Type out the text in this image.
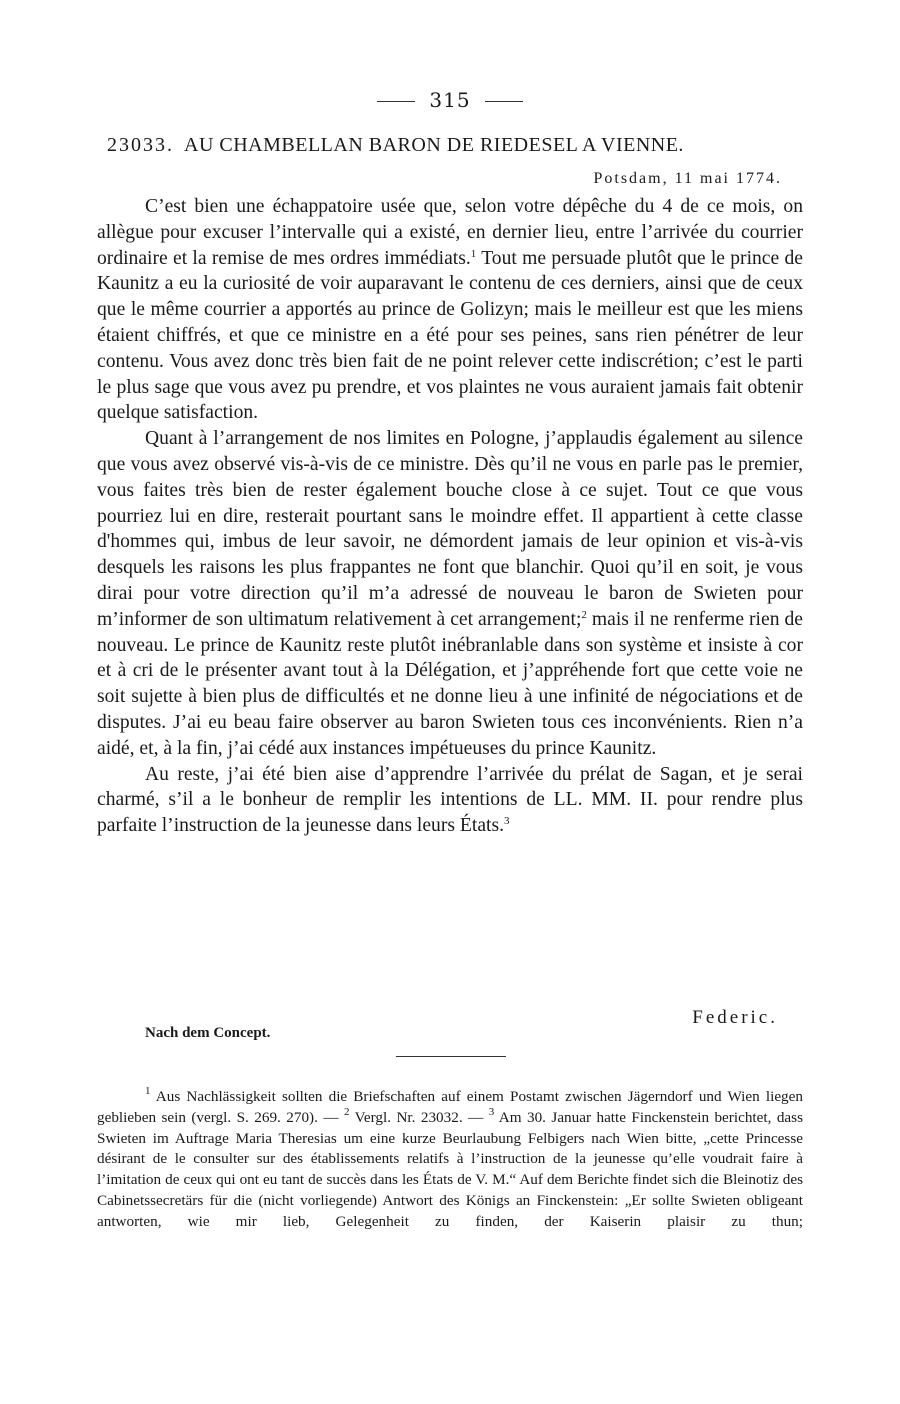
315
23033. AU CHAMBELLAN BARON DE RIEDESEL A VIENNE.
Potsdam, 11 mai 1774.

C’est bien une échappatoire usée que, selon votre dépêche du 4 de ce mois, on allègue pour excuser l’intervalle qui a existé, en dernier lieu, entre l’arrivée du courrier ordinaire et la remise de mes ordres immédiats.$^1$ Tout me persuade plutôt que le prince de Kaunitz a eu la curiosité de voir auparavant le contenu de ces derniers, ainsi que de ceux que le même courrier a apportés au prince de Golizyn; mais le meilleur est que les miens étaient chiffrés, et que ce ministre en a été pour ses peines, sans rien pénétrer de leur contenu. Vous avez donc très bien fait de ne point relever cette indiscrétion; c’est le parti le plus sage que vous avez pu prendre, et vos plaintes ne vous auraient jamais fait obtenir quelque satisfaction.

Quant à l’arrangement de nos limites en Pologne, j’applaudis également au silence que vous avez observé vis-à-vis de ce ministre. Dès qu’il ne vous en parle pas le premier, vous faites très bien de rester également bouche close à ce sujet. Tout ce que vous pourriez lui en dire, resterait pourtant sans le moindre effet. Il appartient à cette classe d'hommes qui, imbus de leur savoir, ne démordent jamais de leur opinion et vis-à-vis desquels les raisons les plus frappantes ne font que blanchir. Quoi qu’il en soit, je vous dirai pour votre direction qu’il m’a adressé de nouveau le baron de Swieten pour m’informer de son ultimatum relativement à cet arrangement;$^2$ mais il ne renferme rien de nouveau. Le prince de Kaunitz reste plutôt inébranlable dans son système et insiste à cor et à cri de le présenter avant tout à la Délégation, et j’appréhende fort que cette voie ne soit sujette à bien plus de difficultés et ne donne lieu à une infinité de négociations et de disputes. J’ai eu beau faire observer au baron Swieten tous ces inconvénients. Rien n’a aidé, et, à la fin, j’ai cédé aux instances impétueuses du prince Kaunitz.

Au reste, j’ai été bien aise d’apprendre l’arrivée du prélat de Sagan, et je serai charmé, s’il a le bonheur de remplir les intentions de LL. MM. II. pour rendre plus parfaite l’instruction de la jeunesse dans leurs États.$^3$

Federic.
Nach dem Concept.

$^1$ Aus Nachlässigkeit sollten die Briefschaften auf einem Postamt zwischen Jägerndorf und Wien liegen geblieben sein (vergl. S. 269. 270). — $^2$ Vergl. Nr. 23032. — $^3$ Am 30. Januar hatte Finckenstein berichtet, dass Swieten im Auftrage Maria Theresias um eine kurze Beurlaubung Felbigers nach Wien bitte, „cette Princesse désirant de le consulter sur des établissements relatifs à l’instruction de la jeunesse qu’elle voudrait faire à l’imitation de ceux qui ont eu tant de succès dans les États de V. M.“ Auf dem Berichte findet sich die Bleinotiz des Cabinetssecretärs für die (nicht vorliegende) Antwort des Königs an Finckenstein: „Er sollte Swieten obligeant antworten, wie mir lieb, Gelegenheit zu finden, der Kaiserin plaisir zu thun;
